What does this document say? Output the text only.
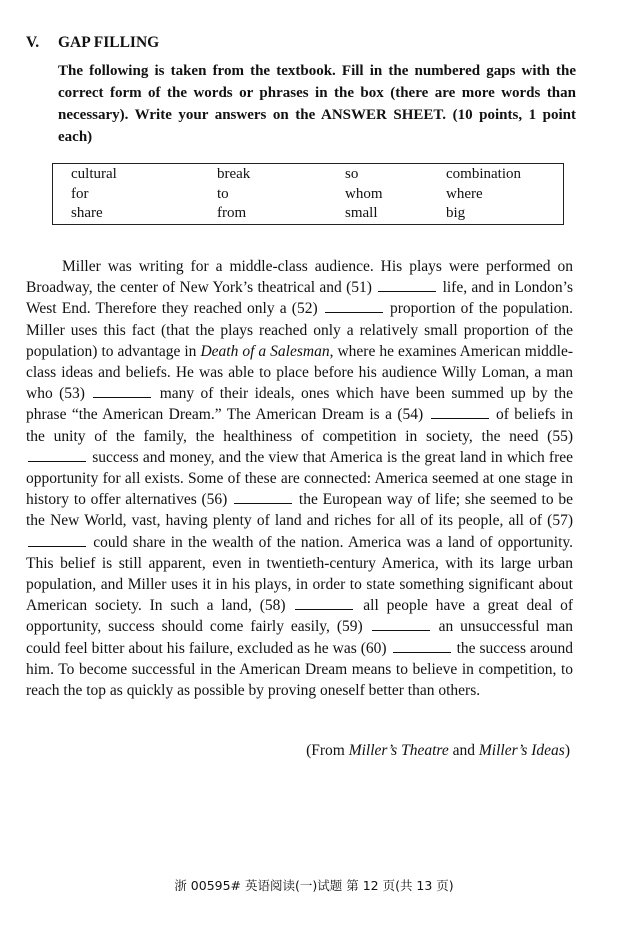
V. GAP FILLING
The following is taken from the textbook. Fill in the numbered gaps with the correct form of the words or phrases in the box (there are more words than necessary). Write your answers on the ANSWER SHEET. (10 points, 1 point each)
cultural	break	so	combination
for	to	whom	where
share	from	small	big

Miller was writing for a middle-class audience. His plays were performed on Broadway, the center of New York’s theatrical and (51)	life, and in London’s West End. Therefore they reached only a (52)	proportion of the population. Miller uses this fact (that the plays reached only a relatively small proportion of the population) to advantage in Death of a Salesman, where he examines American middle-class ideas and beliefs. He was able to place before his audience Willy Loman, a man who (53)	many of their ideals, ones which have been summed up by the phrase “the American Dream.” The American Dream is a (54)	of beliefs in the unity of the family, the healthiness of competition in society, the need (55)  success and money, and the view that America is the great land in which free opportunity for all exists. Some of these are connected: America seemed at one stage in history to offer alternatives (56)	the European way of life; she seemed to be the New World, vast, having plenty of land and riches for all of its people, all of (57)  could share in the wealth of the nation. America was a land of opportunity. This belief is still apparent, even in twentieth-century America, with its large urban population, and Miller uses it in his plays, in order to state something significant about American society. In such a land, (58)	all people have a great deal of opportunity, success should come fairly easily, (59)	an unsuccessful man could feel bitter about his failure, excluded as he was (60)	the success around him. To become successful in the American Dream means to believe in competition, to reach the top as quickly as possible by proving oneself better than others.

(From Miller’s Theatre and Miller’s Ideas)
浙 00595# 英语阅读(一)试题 第 12 页(共 13 页)
